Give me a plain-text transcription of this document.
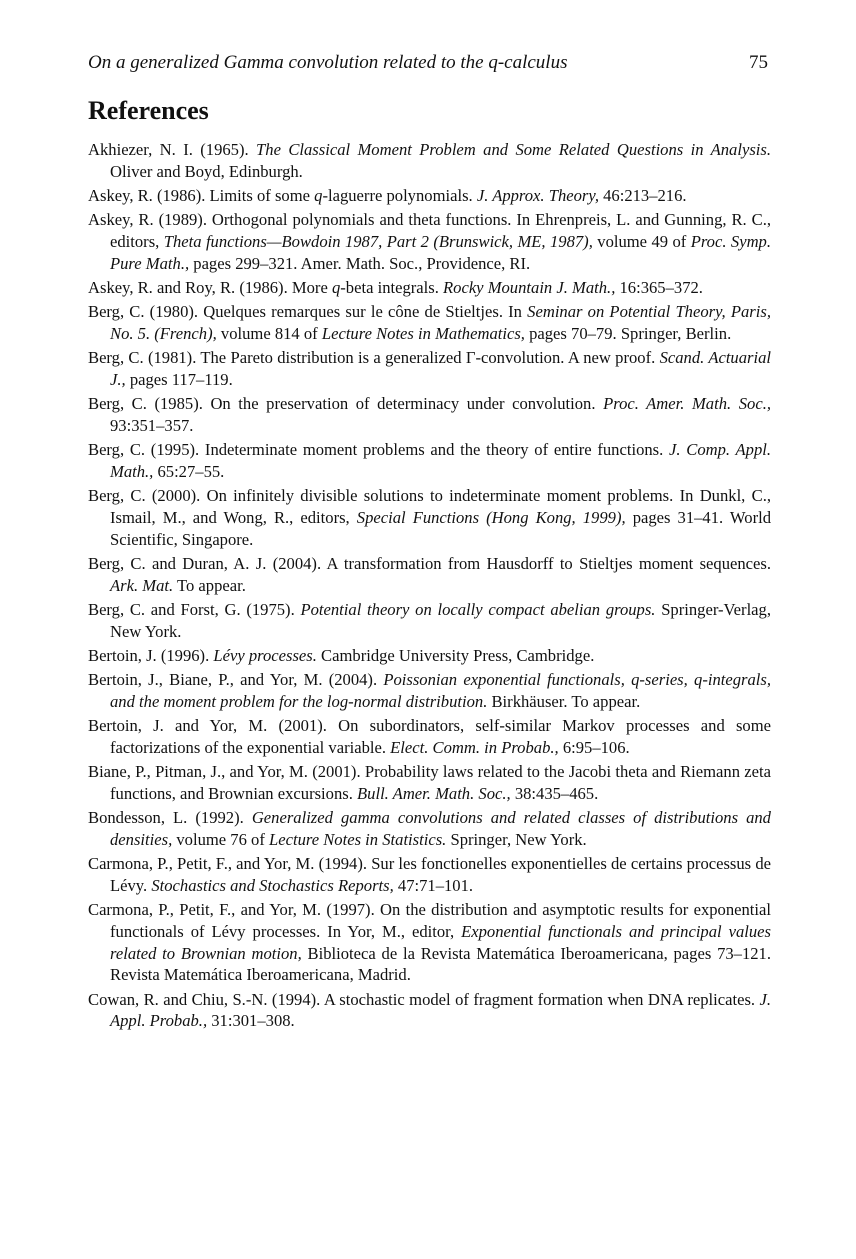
On a generalized Gamma convolution related to the q-calculus	75
References
Akhiezer, N. I. (1965). The Classical Moment Problem and Some Related Questions in Analysis. Oliver and Boyd, Edinburgh.
Askey, R. (1986). Limits of some q-laguerre polynomials. J. Approx. Theory, 46:213–216.
Askey, R. (1989). Orthogonal polynomials and theta functions. In Ehrenpreis, L. and Gunning, R. C., editors, Theta functions—Bowdoin 1987, Part 2 (Brunswick, ME, 1987), volume 49 of Proc. Symp. Pure Math., pages 299–321. Amer. Math. Soc., Providence, RI.
Askey, R. and Roy, R. (1986). More q-beta integrals. Rocky Mountain J. Math., 16:365–372.
Berg, C. (1980). Quelques remarques sur le cône de Stieltjes. In Seminar on Potential Theory, Paris, No. 5. (French), volume 814 of Lecture Notes in Mathematics, pages 70–79. Springer, Berlin.
Berg, C. (1981). The Pareto distribution is a generalized Γ-convolution. A new proof. Scand. Actuarial J., pages 117–119.
Berg, C. (1985). On the preservation of determinacy under convolution. Proc. Amer. Math. Soc., 93:351–357.
Berg, C. (1995). Indeterminate moment problems and the theory of entire functions. J. Comp. Appl. Math., 65:27–55.
Berg, C. (2000). On infinitely divisible solutions to indeterminate moment problems. In Dunkl, C., Ismail, M., and Wong, R., editors, Special Functions (Hong Kong, 1999), pages 31–41. World Scientific, Singapore.
Berg, C. and Duran, A. J. (2004). A transformation from Hausdorff to Stieltjes moment sequences. Ark. Mat. To appear.
Berg, C. and Forst, G. (1975). Potential theory on locally compact abelian groups. Springer-Verlag, New York.
Bertoin, J. (1996). Lévy processes. Cambridge University Press, Cambridge.
Bertoin, J., Biane, P., and Yor, M. (2004). Poissonian exponential functionals, q-series, q-integrals, and the moment problem for the log-normal distribution. Birkhäuser. To appear.
Bertoin, J. and Yor, M. (2001). On subordinators, self-similar Markov processes and some factorizations of the exponential variable. Elect. Comm. in Probab., 6:95–106.
Biane, P., Pitman, J., and Yor, M. (2001). Probability laws related to the Jacobi theta and Riemann zeta functions, and Brownian excursions. Bull. Amer. Math. Soc., 38:435–465.
Bondesson, L. (1992). Generalized gamma convolutions and related classes of distributions and densities, volume 76 of Lecture Notes in Statistics. Springer, New York.
Carmona, P., Petit, F., and Yor, M. (1994). Sur les fonctionelles exponentielles de certains processus de Lévy. Stochastics and Stochastics Reports, 47:71–101.
Carmona, P., Petit, F., and Yor, M. (1997). On the distribution and asymptotic results for exponential functionals of Lévy processes. In Yor, M., editor, Exponential functionals and principal values related to Brownian motion, Biblioteca de la Revista Matemática Iberoamericana, pages 73–121. Revista Matemática Iberoamericana, Madrid.
Cowan, R. and Chiu, S.-N. (1994). A stochastic model of fragment formation when DNA replicates. J. Appl. Probab., 31:301–308.
